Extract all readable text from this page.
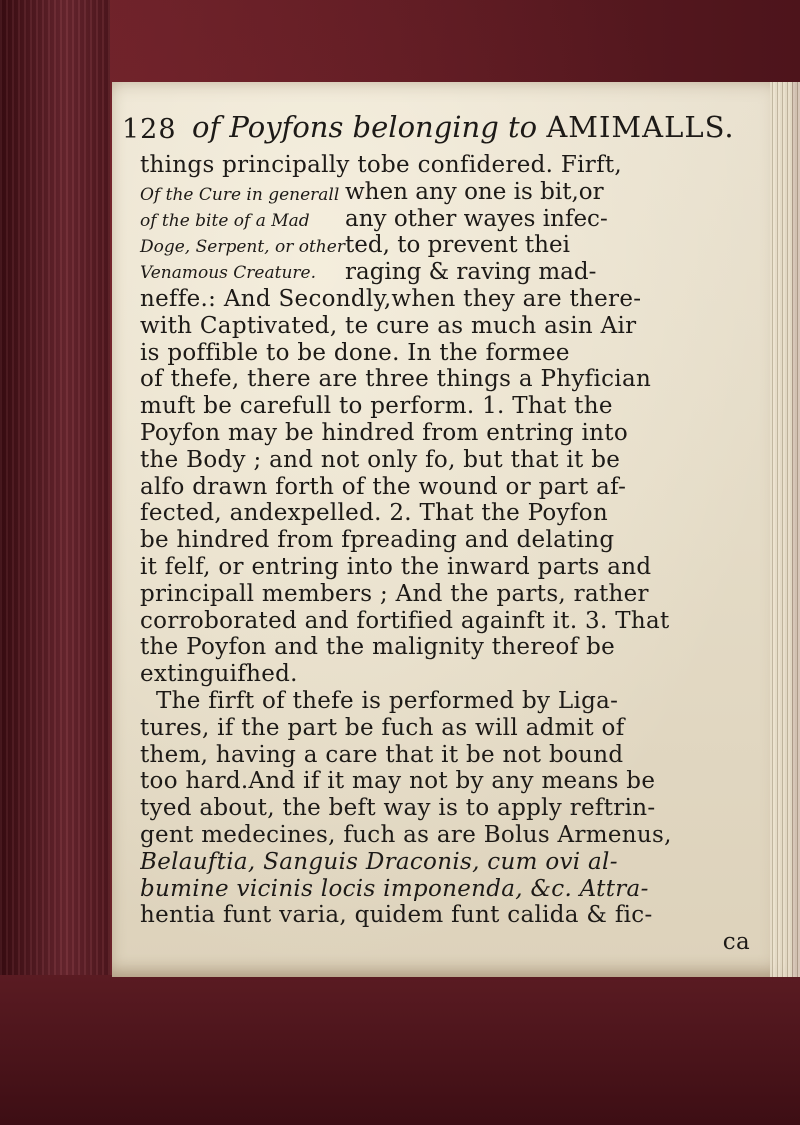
128 of Poyfons belonging to AMIMALLS.
things principally tobe confidered. Firft,
Of the Cure in generall
of the bite of a Mad
Doge, Serpent, or other
Venamous Creature.
when any one is bit,or
any other wayes infec-
ted, to prevent thei
raging & raving mad-
neffe.: And Secondly,when they are there-
with Captivated, te cure as much asin Air
is poffible to be done. In the formee
of thefe, there are three things a Phyfician
muft be carefull to perform. 1. That the
Poyfon may be hindred from entring into
the Body ; and not only fo, but that it be
alfo drawn forth of the wound or part af-
fected, andexpelled. 2. That the Poyfon
be hindred from fpreading and delating
it felf, or entring into the inward parts and
principall members ; And the parts, rather
corroborated and fortified againft it. 3. That
the Poyfon and the malignity thereof be
extinguifhed.
The firft of thefe is performed by Liga-
tures, if the part be fuch as will admit of
them, having a care that it be not bound
too hard.And if it may not by any means be
tyed about, the beft way is to apply reftrin-
gent medecines, fuch as are Bolus Armenus,
Belauftia, Sanguis Draconis, cum ovi al-
bumine vicinis locis imponenda, &c. Attra-
hentia funt varia, quidem funt calida & fic-
ca
